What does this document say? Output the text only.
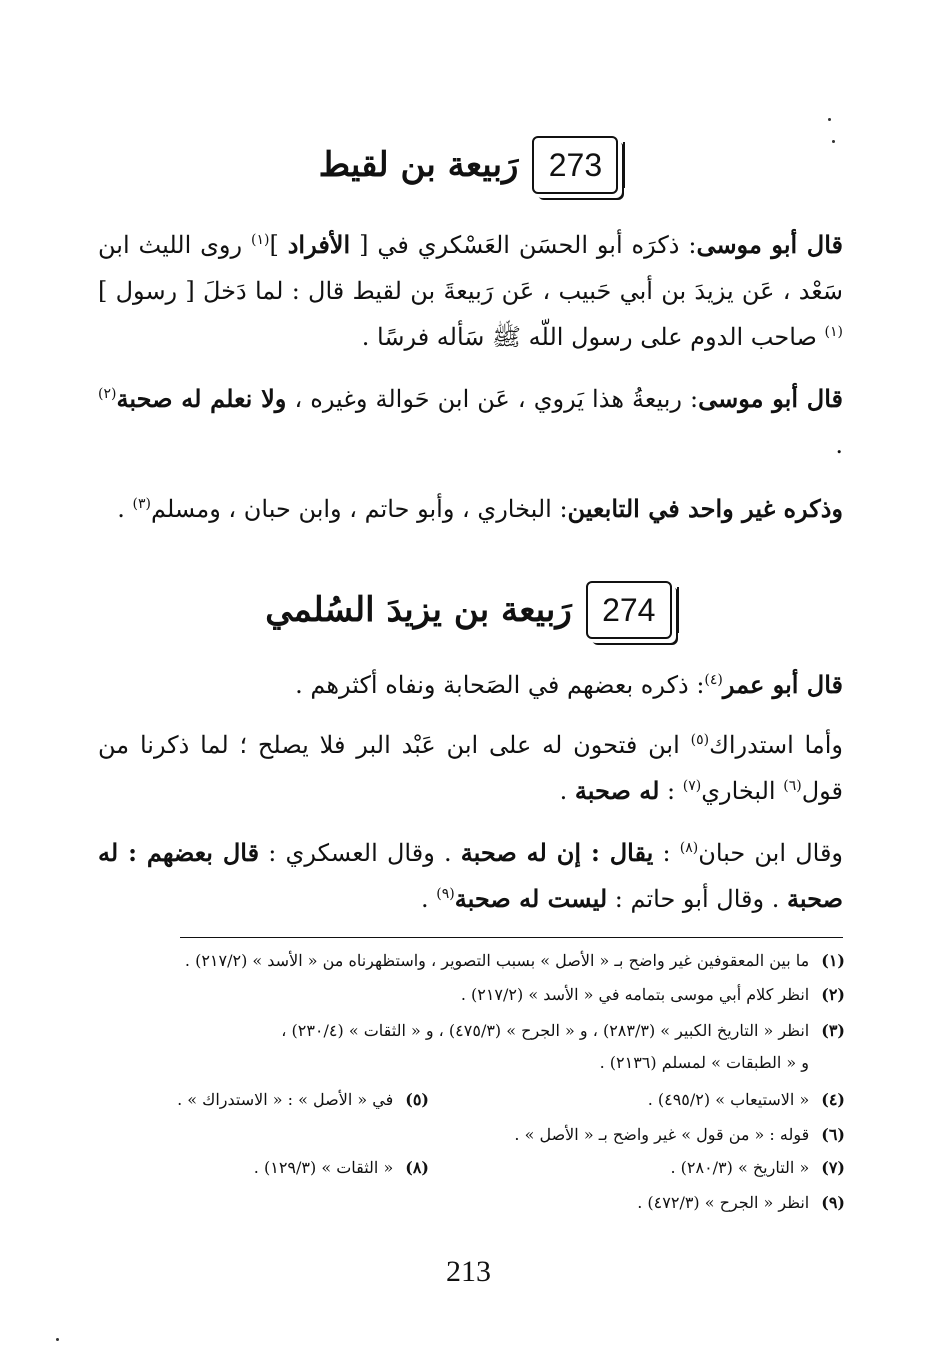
273
رَبيعة بن لقيط
قال أبو موسى: ذكرَه أبو الحسَن العَسْكري في [ الأفراد ]$^{(١)}$ روى الليث ابن سَعْد ، عَن يزيدَ بن أبي حَبيب ، عَن رَبيعةَ بن لقيط قال : لما دَخلَ [ رسول ]$^{(١)}$ صاحب الدوم على رسول اللّه ﷺ سَأله فرسًا .
قال أبو موسى: ربيعةُ هذا يَروي ، عَن ابن حَوالة وغيره ، ولا نعلم له صحبة$^{(٢)}$ .
وذكره غير واحد في التابعين: البخاري ، وأبو حاتم ، وابن حبان ، ومسلم$^{(٣)}$ .
274
رَبيعة بن يزيدَ السُلمي
قال أبو عمر$^{(٤)}$: ذكره بعضهم في الصَحابة ونفاه أكثرهم .
وأما استدراك$^{(٥)}$ ابن فتحون له على ابن عَبْد البر فلا يصلح ؛ لما ذكرنا من قول$^{(٦)}$ البخاري$^{(٧)}$ : له صحبة .
وقال ابن حبان$^{(٨)}$ : يقال : إن له صحبة . وقال العسكري : قال بعضهم : له صحبة . وقال أبو حاتم : ليست له صحبة$^{(٩)}$ .
(١)ما بين المعقوفين غير واضح بـ « الأصل » بسبب التصوير ، واستظهرناه من « الأسد » (٢١٧/٢) .
(٢)انظر كلام أبي موسى بتمامه في « الأسد » (٢١٧/٢) .
(٣)انظر « التاريخ الكبير » (٢٨٣/٣) ، و « الجرح » (٤٧٥/٣) ، و « الثقات » (٢٣٠/٤) ،
و « الطبقات » لمسلم (٢١٣٦) .
(٤)« الاستيعاب » (٤٩٥/٢) .
(٥)في « الأصل » : « الاستدراك » .
(٦)قوله : « من قول » غير واضح بـ « الأصل » .
(٧)« التاريخ » (٢٨٠/٣) .
(٨)« الثقات » (١٢٩/٣) .
(٩)انظر « الجرح » (٤٧٢/٣) .
213
